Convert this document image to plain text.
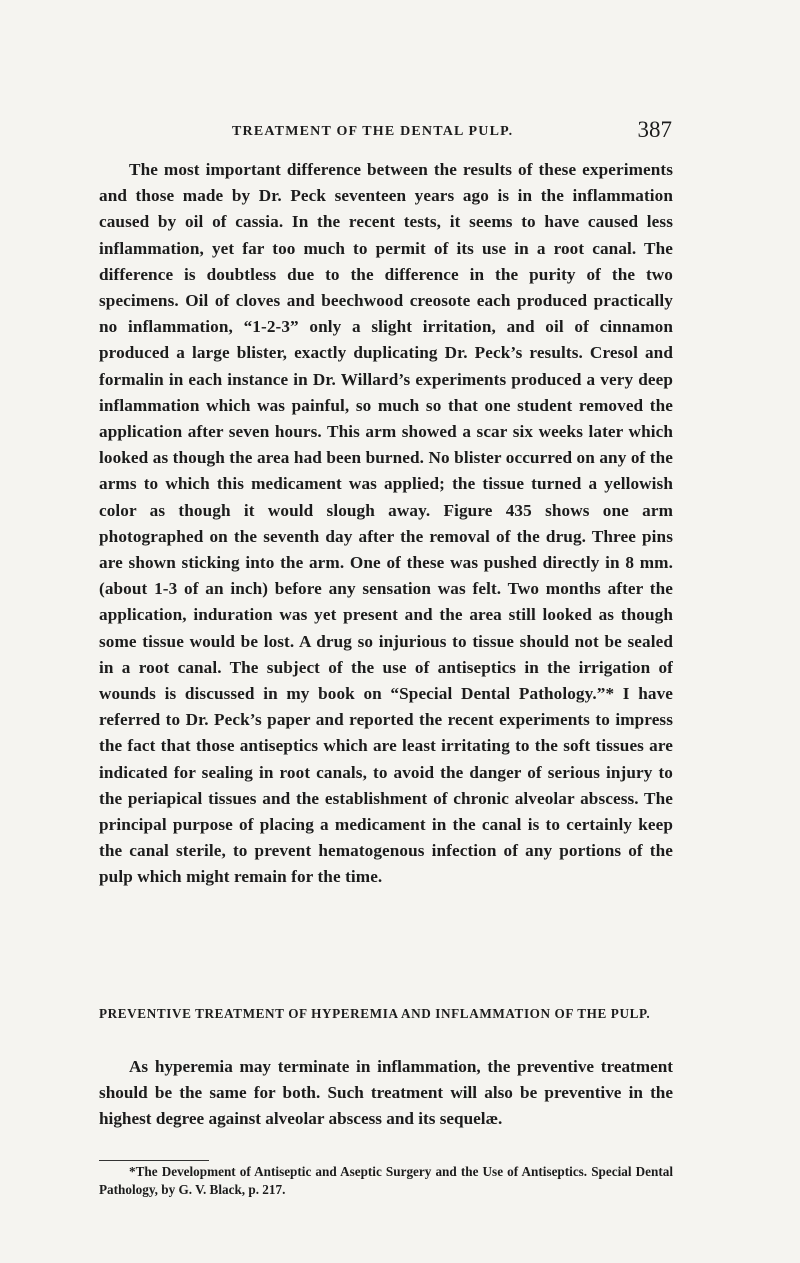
TREATMENT OF THE DENTAL PULP.	387

The most important difference between the results of these experiments and those made by Dr. Peck seventeen years ago is in the inflammation caused by oil of cassia. In the recent tests, it seems to have caused less inflammation, yet far too much to permit of its use in a root canal. The difference is doubtless due to the difference in the purity of the two specimens. Oil of cloves and beechwood creosote each produced practically no inflammation, “1-2-3” only a slight irritation, and oil of cinnamon produced a large blister, exactly duplicating Dr. Peck’s results. Cresol and formalin in each instance in Dr. Willard’s experiments produced a very deep inflammation which was painful, so much so that one student removed the application after seven hours. This arm showed a scar six weeks later which looked as though the area had been burned. No blister occurred on any of the arms to which this medicament was applied; the tissue turned a yellowish color as though it would slough away. Figure 435 shows one arm photographed on the seventh day after the removal of the drug. Three pins are shown sticking into the arm. One of these was pushed directly in 8 mm. (about 1-3 of an inch) before any sensation was felt. Two months after the application, induration was yet present and the area still looked as though some tissue would be lost. A drug so injurious to tissue should not be sealed in a root canal. The subject of the use of antiseptics in the irrigation of wounds is discussed in my book on “Special Dental Pathology.”* I have referred to Dr. Peck’s paper and reported the recent experiments to impress the fact that those antiseptics which are least irritating to the soft tissues are indicated for sealing in root canals, to avoid the danger of serious injury to the periapical tissues and the establishment of chronic alveolar abscess. The principal purpose of placing a medicament in the canal is to certainly keep the canal sterile, to prevent hematogenous infection of any portions of the pulp which might remain for the time.

PREVENTIVE TREATMENT OF HYPEREMIA AND INFLAMMATION OF THE PULP.

As hyperemia may terminate in inflammation, the preventive treatment should be the same for both. Such treatment will also be preventive in the highest degree against alveolar abscess and its sequelæ.

*The Development of Antiseptic and Aseptic Surgery and the Use of Antiseptics. Special Dental Pathology, by G. V. Black, p. 217.
